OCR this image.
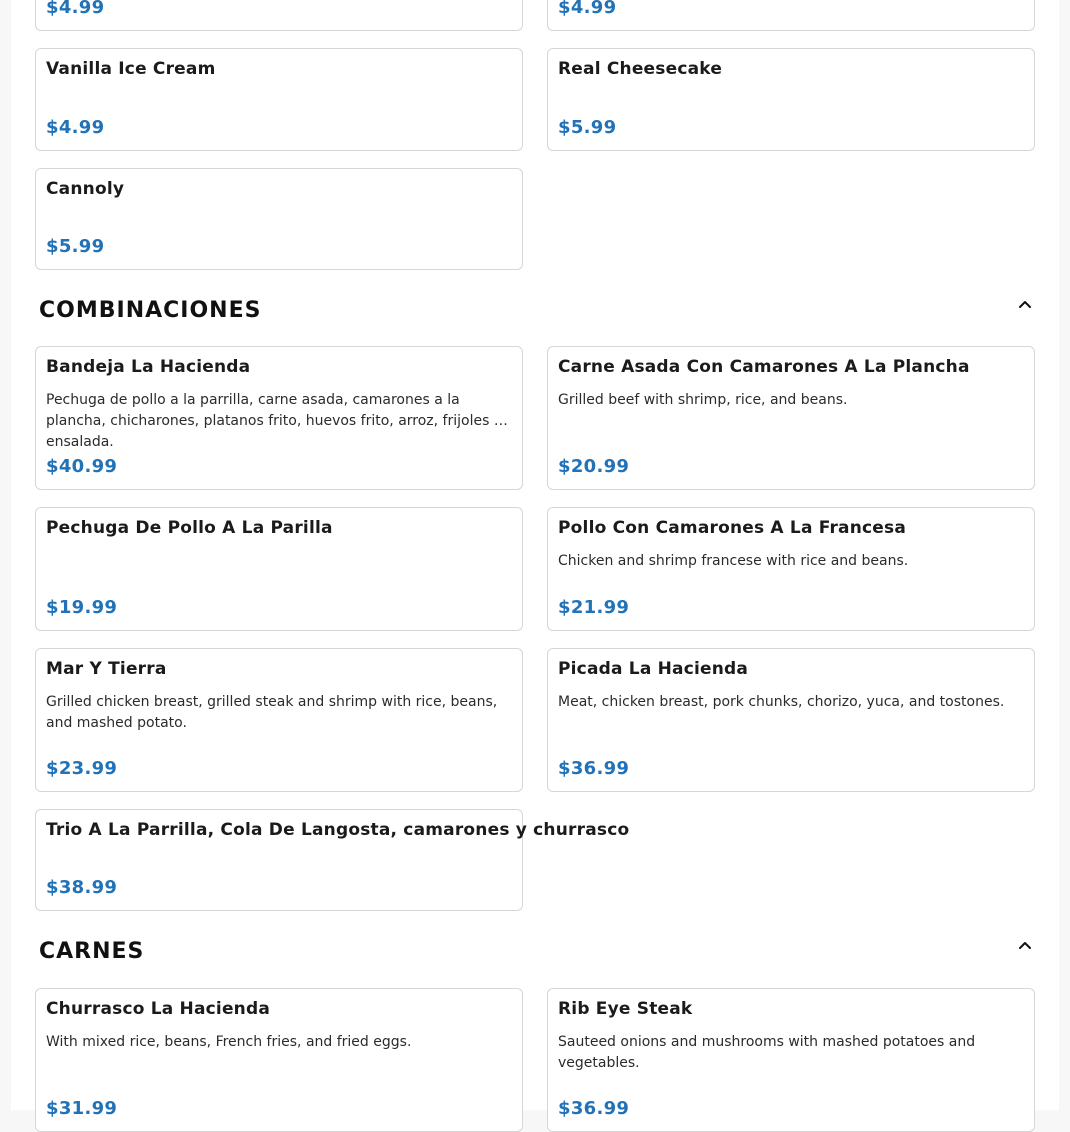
$4.99	$4.99
Vanilla Ice Cream
$4.99
Real Cheesecake
$5.99
Cannoly
$5.99
COMBINACIONES
Bandeja La Hacienda
Pechuga de pollo a la parrilla, carne asada, camarones a la plancha, chicharones, platanos frito, huevos frito, arroz, frijoles y ensalada.
$40.99
Carne Asada Con Camarones A La Plancha
Grilled beef with shrimp, rice, and beans.
$20.99
Pechuga De Pollo A La Parilla
$19.99
Pollo Con Camarones A La Francesa
Chicken and shrimp francese with rice and beans.
$21.99
Mar Y Tierra
Grilled chicken breast, grilled steak and shrimp with rice, beans, and mashed potato.
$23.99
Picada La Hacienda
Meat, chicken breast, pork chunks, chorizo, yuca, and tostones.
$36.99
Trio A La Parrilla, Cola De Langosta, camarones y churrasco
$38.99
CARNES
Churrasco La Hacienda
With mixed rice, beans, French fries, and fried eggs.
$31.99
Rib Eye Steak
Sauteed onions and mushrooms with mashed potatoes and vegetables.
$36.99
